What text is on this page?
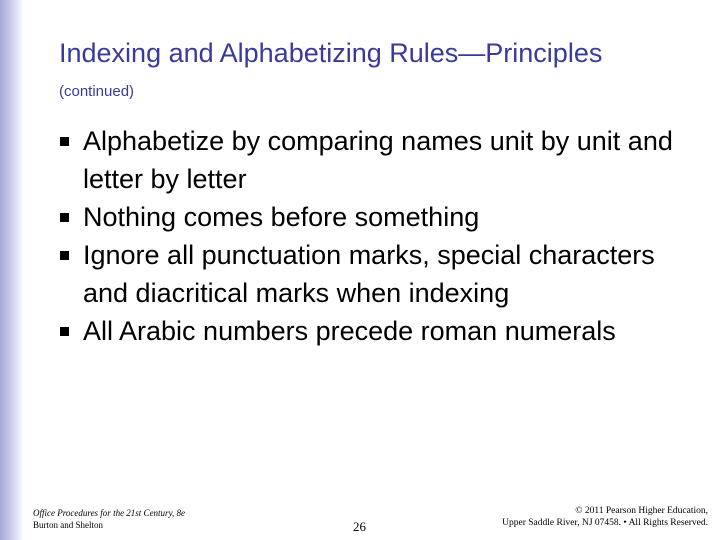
Indexing and Alphabetizing Rules—Principles (continued)
Alphabetize by comparing names unit by unit and letter by letter
Nothing comes before something
Ignore all punctuation marks, special characters and diacritical marks when indexing
All Arabic numbers precede roman numerals
Office Procedures for the 21st Century, 8e
Burton and Shelton	26
© 2011 Pearson Higher Education,
Upper Saddle River, NJ 07458. • All Rights Reserved.
